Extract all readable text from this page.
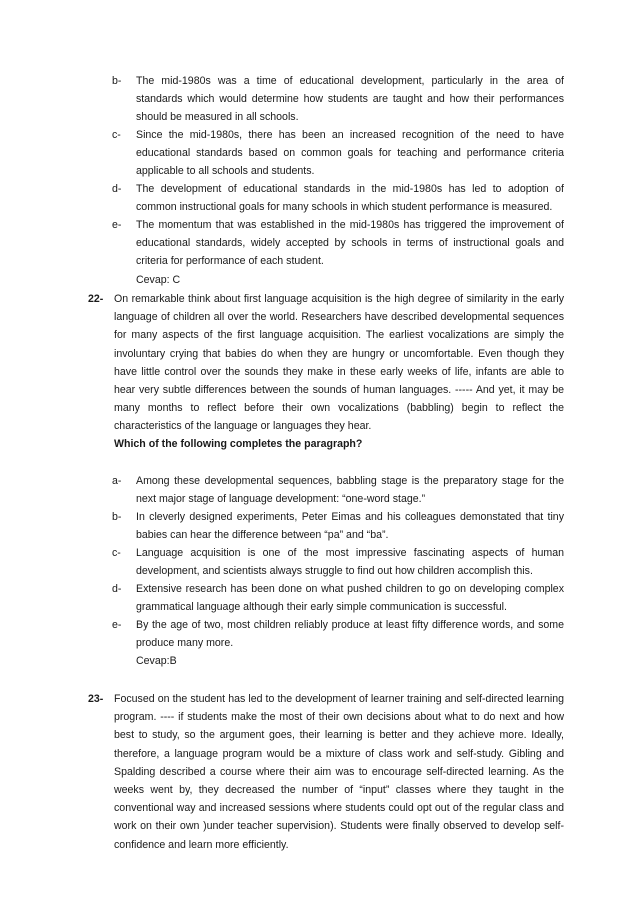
b- The mid-1980s was a time of educational development, particularly in the area of standards which would determine how students are taught and how their performances should be measured in all schools.
c- Since the mid-1980s, there has been an increased recognition of the need to have educational standards based on common goals for teaching and performance criteria applicable to all schools and students.
d- The development of educational standards in the mid-1980s has led to adoption of common instructional goals for many schools in which student performance is measured.
e- The momentum that was established in the mid-1980s has triggered the improvement of educational standards, widely accepted by schools in terms of instructional goals and criteria for performance of each student.
Cevap: C
22- On remarkable think about first language acquisition is the high degree of similarity in the early language of children all over the world. Researchers have described developmental sequences for many aspects of the first language acquisition. The earliest vocalizations are simply the involuntary crying that babies do when they are hungry or uncomfortable. Even though they have little control over the sounds they make in these early weeks of life, infants are able to hear very subtle differences between the sounds of human languages. ----- And yet, it may be many months to reflect before their own vocalizations (babbling) begin to reflect the characteristics of the language or languages they hear.
Which of the following completes the paragraph?
a- Among these developmental sequences, babbling stage is the preparatory stage for the next major stage of language development: “one-word stage.”
b- In cleverly designed experiments, Peter Eimas and his colleagues demonstated that tiny babies can hear the difference between “pa” and “ba”.
c- Language acquisition is one of the most impressive fascinating aspects of human development, and scientists always struggle to find out how children accomplish this.
d- Extensive research has been done on what pushed children to go on developing complex grammatical language although their early simple communication is successful.
e- By the age of two, most children reliably produce at least fifty difference words, and some produce many more.
Cevap:B
23- Focused on the student has led to the development of learner training and self-directed learning program. ---- if students make the most of their own decisions about what to do next and how best to study, so the argument goes, their learning is better and they achieve more. Ideally, therefore, a language program would be a mixture of class work and self-study. Gibling and Spalding described a course where their aim was to encourage self-directed learning. As the weeks went by, they decreased the number of “input” classes where they taught in the conventional way and increased sessions where students could opt out of the regular class and work on their own )under teacher supervision). Students were finally observed to develop self-confidence and learn more efficiently.
